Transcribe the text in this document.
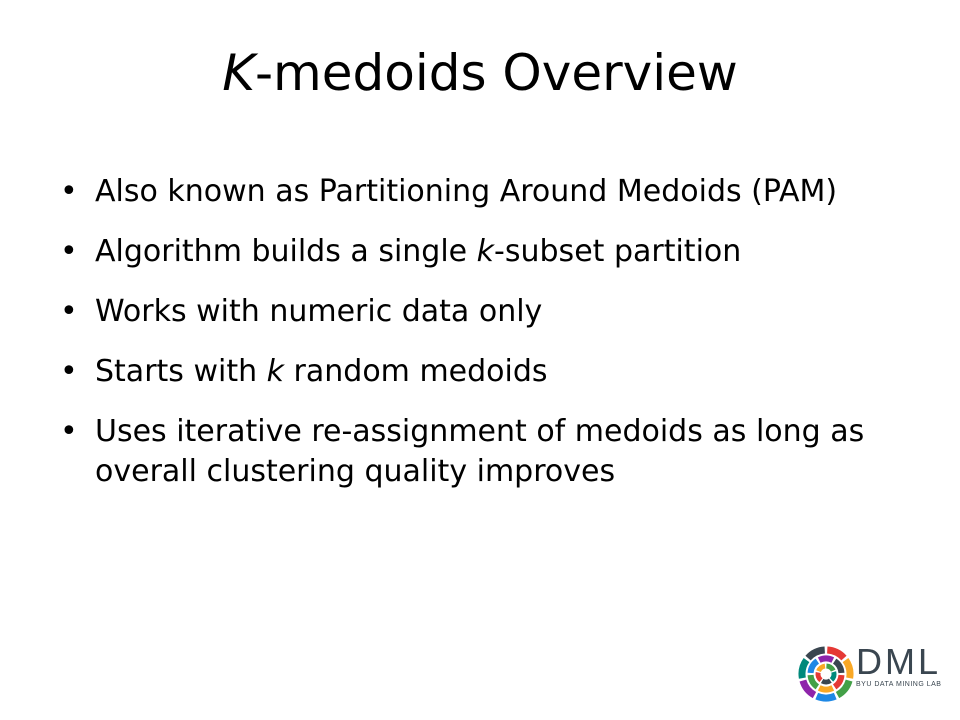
K-medoids Overview
• Also known as Partitioning Around Medoids (PAM)
• Algorithm builds a single k-subset partition
• Works with numeric data only
• Starts with k random medoids
• Uses iterative re-assignment of medoids as long as overall clustering quality improves
DML
BYU DATA MINING LAB
